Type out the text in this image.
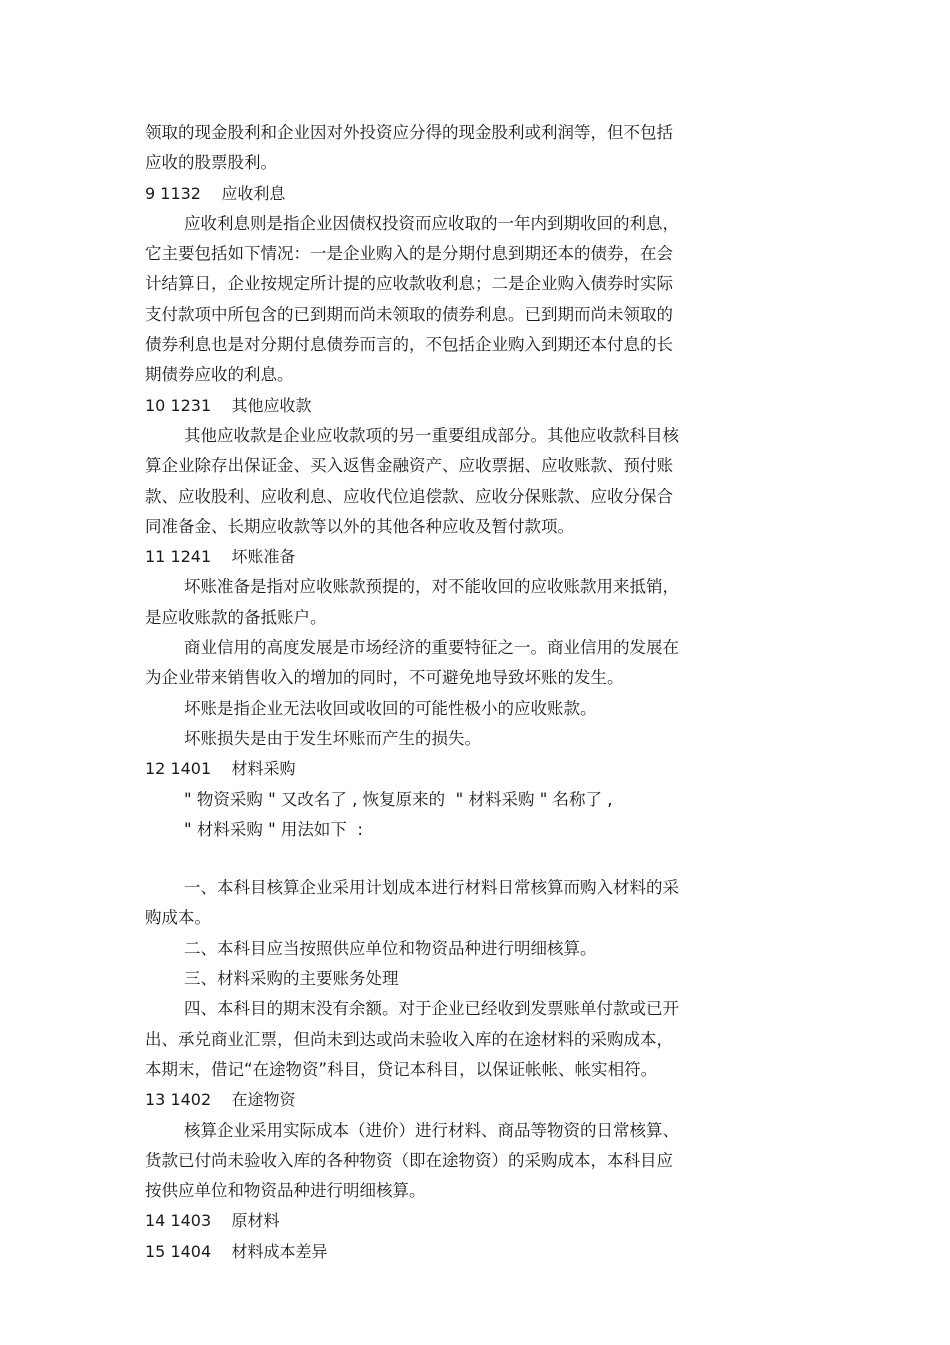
领取的现金股利和企业因对外投资应分得的现金股利或利润等，但不包括
应收的股票股利。
9 1132    应收利息
应收利息则是指企业因债权投资而应收取的一年内到期收回的利息，
它主要包括如下情况：一是企业购入的是分期付息到期还本的债券，在会
计结算日，企业按规定所计提的应收款收利息；二是企业购入债券时实际
支付款项中所包含的已到期而尚未领取的债券利息。已到期而尚未领取的
债券利息也是对分期付息债券而言的，不包括企业购入到期还本付息的长
期债券应收的利息。
10 1231    其他应收款
其他应收款是企业应收款项的另一重要组成部分。其他应收款科目核
算企业除存出保证金、买入返售金融资产、应收票据、应收账款、预付账
款、应收股利、应收利息、应收代位追偿款、应收分保账款、应收分保合
同准备金、长期应收款等以外的其他各种应收及暂付款项。
11 1241    坏账准备
坏账准备是指对应收账款预提的，对不能收回的应收账款用来抵销，
是应收账款的备抵账户。
商业信用的高度发展是市场经济的重要特征之一。商业信用的发展在
为企业带来销售收入的增加的同时，不可避免地导致坏账的发生。
坏账是指企业无法收回或收回的可能性极小的应收账款。
坏账损失是由于发生坏账而产生的损失。
12 1401    材料采购
" 物资采购 " 又改名了 , 恢复原来的  " 材料采购 " 名称了 ,
" 材料采购 " 用法如下  :
一、本科目核算企业采用计划成本进行材料日常核算而购入材料的采
购成本。
二、本科目应当按照供应单位和物资品种进行明细核算。
三、材料采购的主要账务处理
四、本科目的期末没有余额。对于企业已经收到发票账单付款或已开
出、承兑商业汇票，但尚未到达或尚未验收入库的在途材料的采购成本，
本期末，借记“在途物资”科目，贷记本科目，以保证帐帐、帐实相符。
13 1402    在途物资
核算企业采用实际成本（进价）进行材料、商品等物资的日常核算、
货款已付尚未验收入库的各种物资（即在途物资）的采购成本，本科目应
按供应单位和物资品种进行明细核算。
14 1403    原材料
15 1404    材料成本差异
